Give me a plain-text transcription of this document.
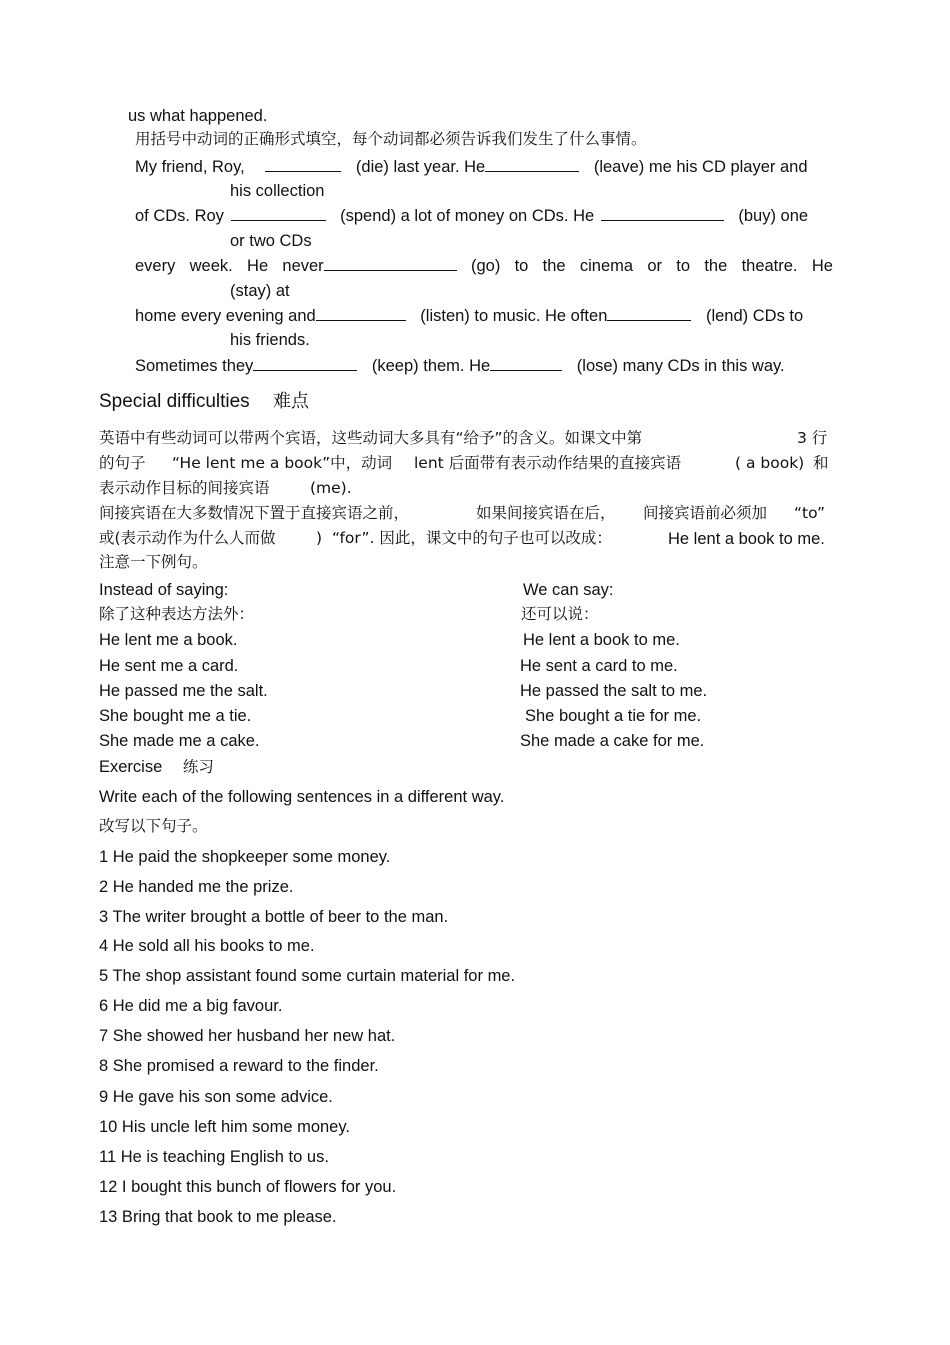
us what happened.
用括号中动词的正确形式填空，每个动词都必须告诉我们发生了什么事情。
My friend, Roy,	(die) last year. He	(leave) me his CD player and
his collection
of CDs. Roy	(spend) a lot of money on CDs. He	(buy) one
or two CDs
every week. He never	(go) to the cinema or to the theatre. He
(stay) at
home every evening and	(listen) to music. He often	(lend) CDs to
his friends.
Sometimes they	(keep) them. He	(lose) many CDs in this way.
Special difficulties 难点
英语中有些动词可以带两个宾语，这些动词大多具有“给予”的含义。如课文中第	3 行
的句子 “He lent me a book”中，动词 lent 后面带有表示动作结果的直接宾语	( a book) 和
表示动作目标的间接宾语	(me).
间接宾语在大多数情况下置于直接宾语之前，	如果间接宾语在后， 间接宾语前必须加 “to”
或(表示动作为什么人而做	) “for”. 因此，课文中的句子也可以改成：	He lent a book to me.
注意一下例句。
Instead of saying:	We can say:
除了这种表达方法外：	还可以说：
He lent me a book.	He lent a book to me.
He sent me a card.	He sent a card to me.
He passed me the salt.	He passed the salt to me.
She bought me a tie.	She bought a tie for me.
She made me a cake.	She made a cake for me.
Exercise 练习
Write each of the following sentences in a different way.
改写以下句子。
1 He paid the shopkeeper some money.
2 He handed me the prize.
3 The writer brought a bottle of beer to the man.
4 He sold all his books to me.
5 The shop assistant found some curtain material for me.
6 He did me a big favour.
7 She showed her husband her new hat.
8 She promised a reward to the finder.
9 He gave his son some advice.
10 His uncle left him some money.
11 He is teaching English to us.
12 I bought this bunch of flowers for you.
13 Bring that book to me please.
